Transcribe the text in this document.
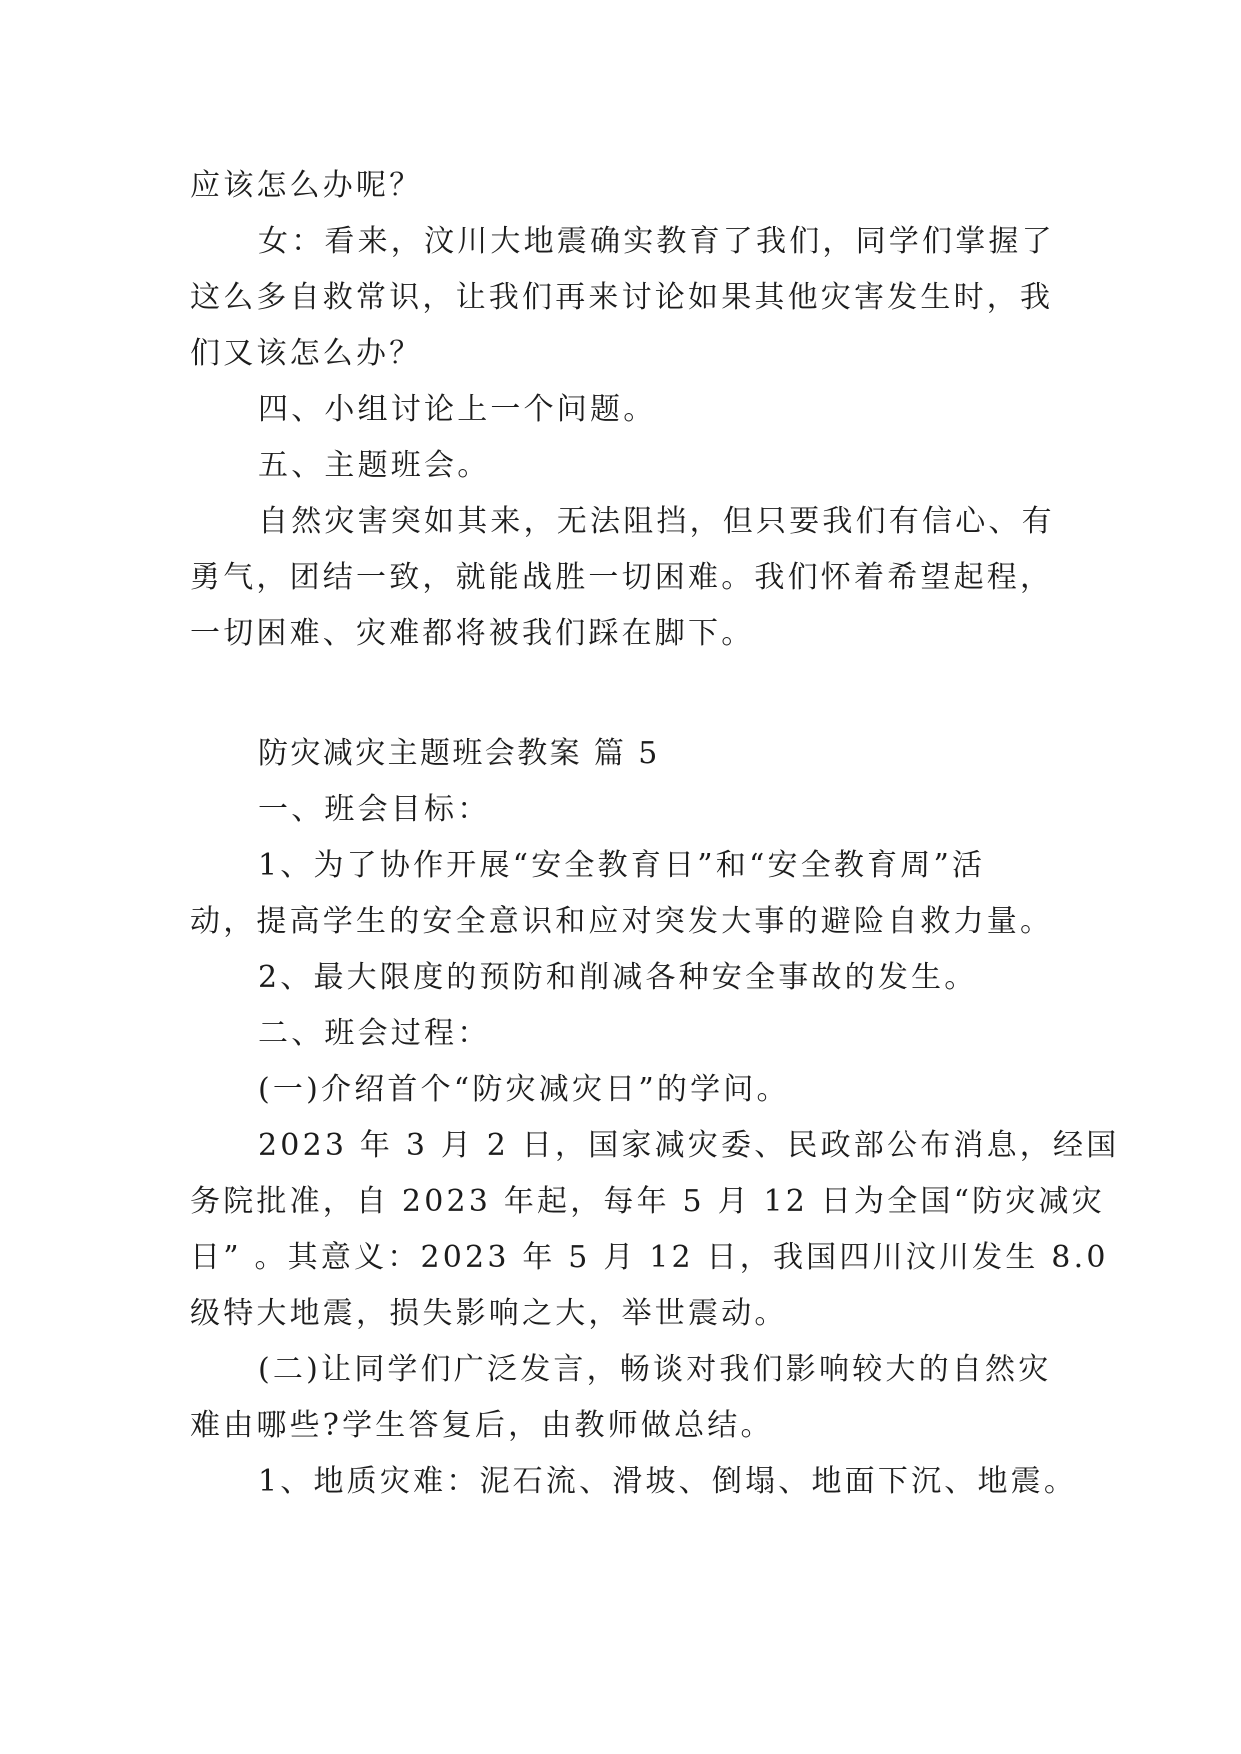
应该怎么办呢？

女：看来，汶川大地震确实教育了我们，同学们掌握了

这么多自救常识，让我们再来讨论如果其他灾害发生时，我

们又该怎么办？

四、小组讨论上一个问题。

五、主题班会。

自然灾害突如其来，无法阻挡，但只要我们有信心、有

勇气，团结一致，就能战胜一切困难。我们怀着希望起程，

一切困难、灾难都将被我们踩在脚下。

防灾减灾主题班会教案 篇 5

一、班会目标：

1、为了协作开展“安全教育日”和“安全教育周”活

动，提高学生的安全意识和应对突发大事的避险自救力量。

2、最大限度的预防和削减各种安全事故的发生。

二、班会过程：

(一)介绍首个“防灾减灾日”的学问。

2023 年 3 月 2 日，国家减灾委、民政部公布消息，经国

务院批准，自 2023 年起，每年 5 月 12 日为全国“防灾减灾

日” 。其意义：2023 年 5 月 12 日，我国四川汶川发生 8.0

级特大地震，损失影响之大，举世震动。

(二)让同学们广泛发言，畅谈对我们影响较大的自然灾

难由哪些?学生答复后，由教师做总结。

1、地质灾难：泥石流、滑坡、倒塌、地面下沉、地震。
